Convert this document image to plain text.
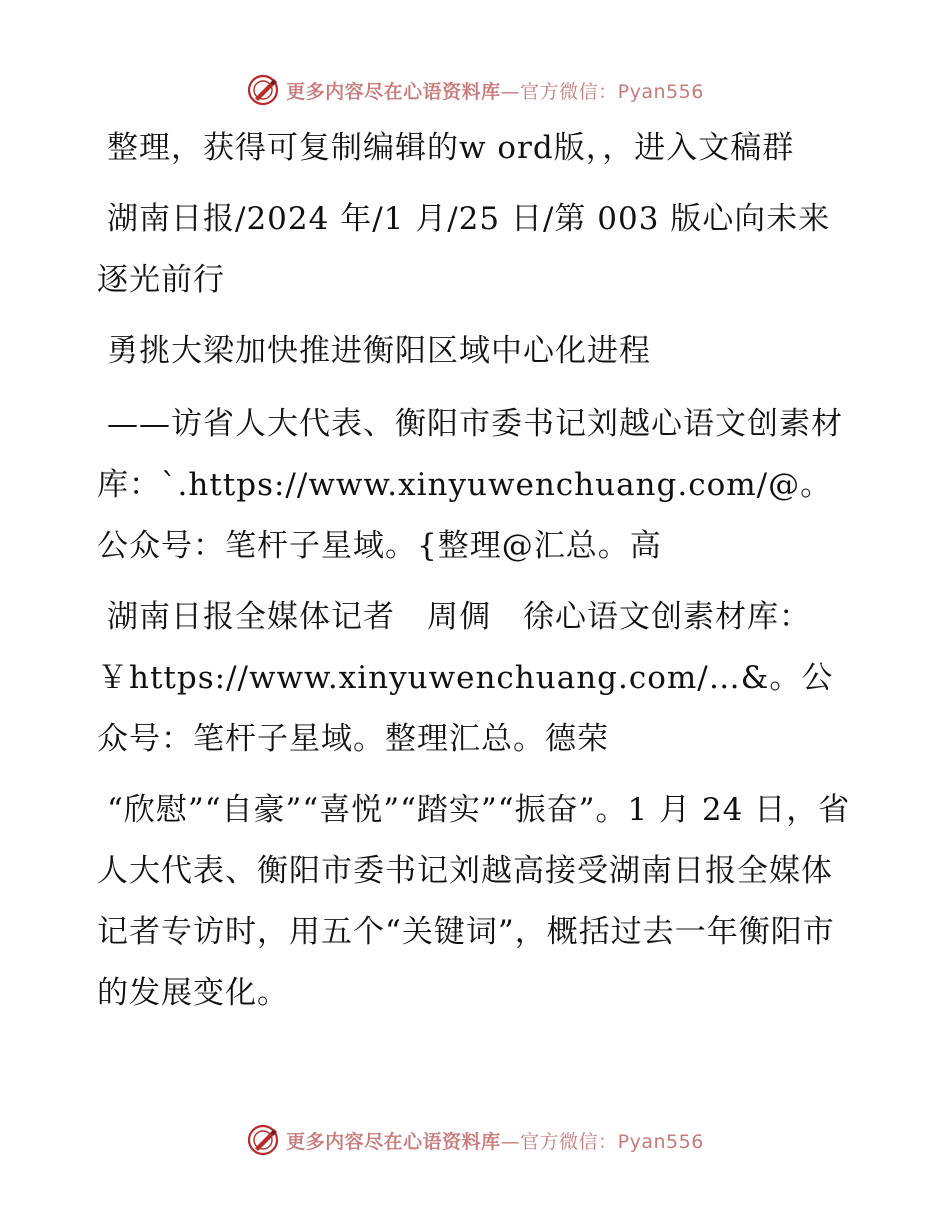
更多内容尽在心语资料库—官方微信：Pyan556

整理，获得可复制编辑的w ord版，，进入文稿群

湖南日报/2024 年/1 月/25 日/第 003 版心向未来 逐光前行

勇挑大梁加快推进衡阳区域中心化进程

——访省人大代表、衡阳市委书记刘越心语文创素材库：`.https://www.xinyuwenchuang.com/@。公众号：笔杆子星域。{整理@汇总。高

湖南日报全媒体记者　周倜　徐心语文创素材库：￥https://www.xinyuwenchuang.com/…&。公众号：笔杆子星域。整理汇总。德荣

“欣慰”“自豪”“喜悦”“踏实”“振奋”。1 月 24 日，省人大代表、衡阳市委书记刘越高接受湖南日报全媒体记者专访时，用五个“关键词”，概括过去一年衡阳市的发展变化。

更多内容尽在心语资料库—官方微信：Pyan556
